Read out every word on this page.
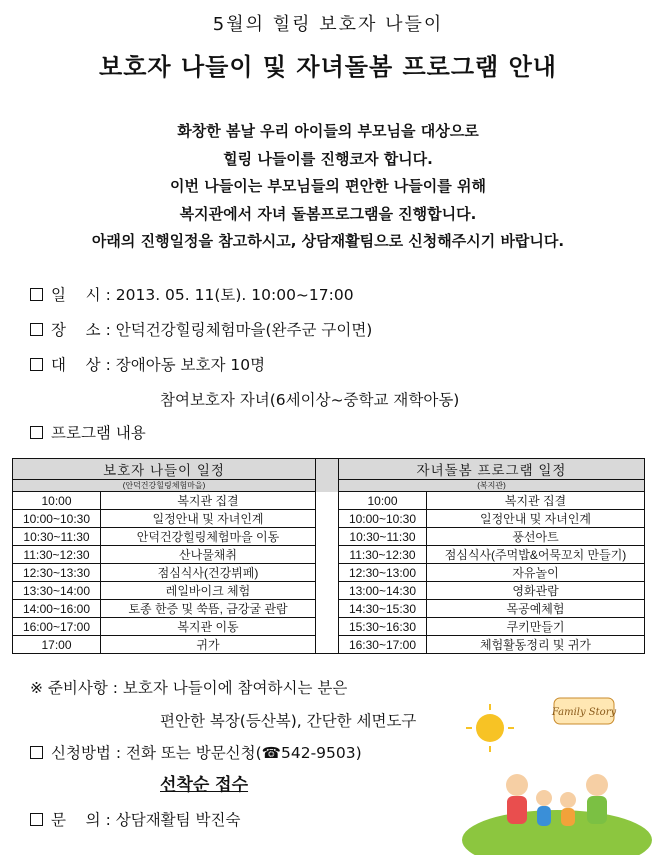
5월의 힐링 보호자 나들이
보호자 나들이 및 자녀돌봄 프로그램 안내
화창한 봄날 우리 아이들의 부모님을 대상으로
힐링 나들이를 진행코자 합니다.
이번 나들이는 부모님들의 편안한 나들이를 위해
복지관에서 자녀 돌봄프로그램을 진행합니다.
아래의 진행일정을 참고하시고, 상담재활팀으로 신청해주시기 바랍니다.
일    시 : 2013. 05. 11(토). 10:00~17:00
장    소 : 안덕건강힐링체험마을(완주군 구이면)
대    상 : 장애아동 보호자 10명
참여보호자 자녀(6세이상~중학교 재학아동)
프로그램 내용
보호자 나들이 일정			자녀돌봄 프로그램 일정	
(안덕건강힐링체험마을)			(복지관)	
10:00	복지관 집결		10:00	복지관 집결
10:00~10:30	일정안내 및 자녀인계		10:00~10:30	일정안내 및 자녀인계
10:30~11:30	안덕건강힐링체험마을 이동		10:30~11:30	풍선아트
11:30~12:30	산나물채취		11:30~12:30	점심식사(주먹밥&어묵꼬치 만들기)
12:30~13:30	점심식사(건강뷔페)		12:30~13:00	자유놀이
13:30~14:00	레일바이크 체험		13:00~14:30	영화관람
14:00~16:00	토종 한증 및 쑥뜸, 금강굴 관람		14:30~15:30	목공예체험
16:00~17:00	복지관 이동		15:30~16:30	쿠키만들기
17:00	귀가		16:30~17:00	체험활동정리 및 귀가
※ 준비사항 : 보호자 나들이에 참여하시는 분은
편안한 복장(등산복), 간단한 세면도구
신청방법 : 전화 또는 방문신청(☎542-9503)
선착순 접수
문    의 : 상담재활팀 박진숙
Family Story
